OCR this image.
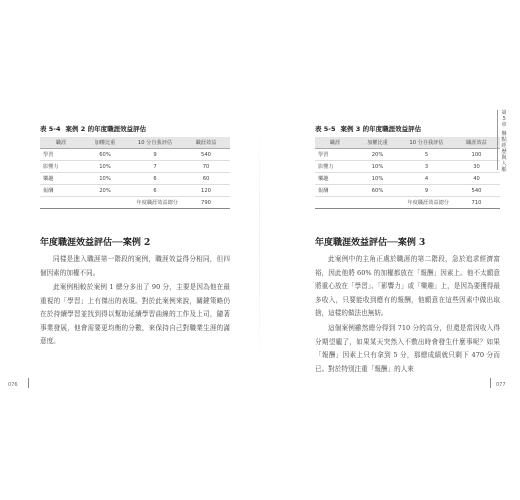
表 5-4 案例 2 的年度職涯效益評估
職涯	加權比重	10 分自我評估	職涯效益
學習	60%	9	540
影響力	10%	7	70
樂趣	10%	6	60
報酬	20%	6	120
年度職涯效益總分			790
年度職涯效益評估──案例 2

同樣是進入職涯第一階段的案例，職涯效益得分相同，但四個因素的加權不同。

此案例相較於案例 1 總分多出了 90 分，主要是因為他在最重視的「學習」上有傑出的表現。對於此案例來說，關鍵策略仍在於持續學習並找到得以幫助延續學習曲線的工作及上司，隨著事業發展，他會需要更均衡的分數，來保持自己對職業生涯的滿意度。

076
表 5-5 案例 3 的年度職涯效益評估
職涯	加權比重	10 分自我評估	職涯效益
學習	20%	5	100
影響力	10%	3	30
樂趣	10%	4	40
報酬	60%	9	540
年度職涯效益總分			710
年度職涯效益評估──案例 3

此案例中的主角正處於職涯的第二階段，急於追求經濟富裕，因此他將 60% 的加權都放在「報酬」因素上。他不太願意將重心放在「學習」、「影響力」或「樂趣」上，是因為要獲得最多收入，只要能收到應有的報酬，他願意在這些因素中做出取捨，這樣的做法也無妨。

這個案例雖然總分得到 710 分的高分，但還是當因收入得分期望龐了，如果某天突然入不敷出時會發生什麼事呢？如果「報酬」因素上只有拿到 5 分，那總成績就只剩下 470 分而已。對於特別注重「報酬」的人來

077
第
5
章
盤
點
經
歷
與
人
脈
